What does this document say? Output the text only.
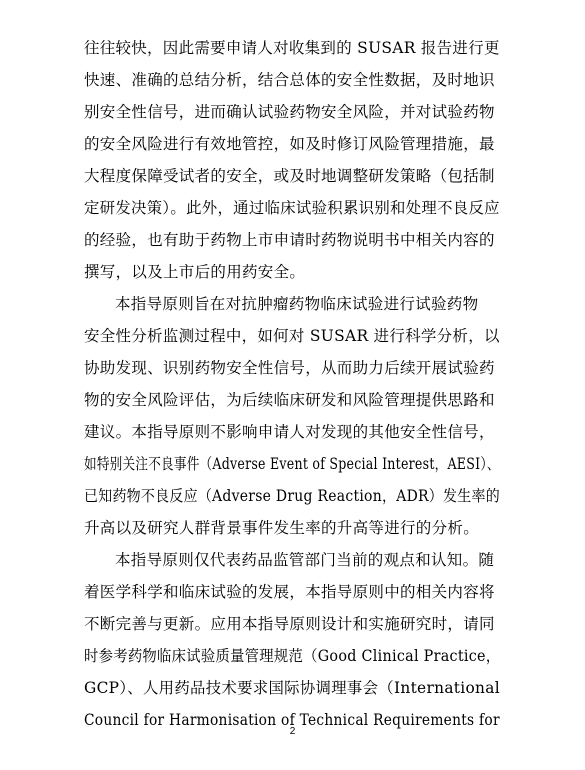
往往较快，因此需要申请人对收集到的 SUSAR 报告进行更
快速、准确的总结分析，结合总体的安全性数据，及时地识
别安全性信号，进而确认试验药物安全风险，并对试验药物
的安全风险进行有效地管控，如及时修订风险管理措施，最
大程度保障受试者的安全，或及时地调整研发策略（包括制
定研发决策）。此外，通过临床试验积累识别和处理不良反应
的经验，也有助于药物上市申请时药物说明书中相关内容的
撰写，以及上市后的用药安全。
本指导原则旨在对抗肿瘤药物临床试验进行试验药物
安全性分析监测过程中，如何对 SUSAR 进行科学分析，以
协助发现、识别药物安全性信号，从而助力后续开展试验药
物的安全风险评估，为后续临床研发和风险管理提供思路和
建议。本指导原则不影响申请人对发现的其他安全性信号，
如特别关注不良事件（Adverse Event of Special Interest，AESI）、
已知药物不良反应（Adverse Drug Reaction，ADR）发生率的
升高以及研究人群背景事件发生率的升高等进行的分析。
本指导原则仅代表药品监管部门当前的观点和认知。随
着医学科学和临床试验的发展，本指导原则中的相关内容将
不断完善与更新。应用本指导原则设计和实施研究时，请同
时参考药物临床试验质量管理规范（Good Clinical Practice，
GCP）、人用药品技术要求国际协调理事会（International
Council for Harmonisation of Technical Requirements for
2
